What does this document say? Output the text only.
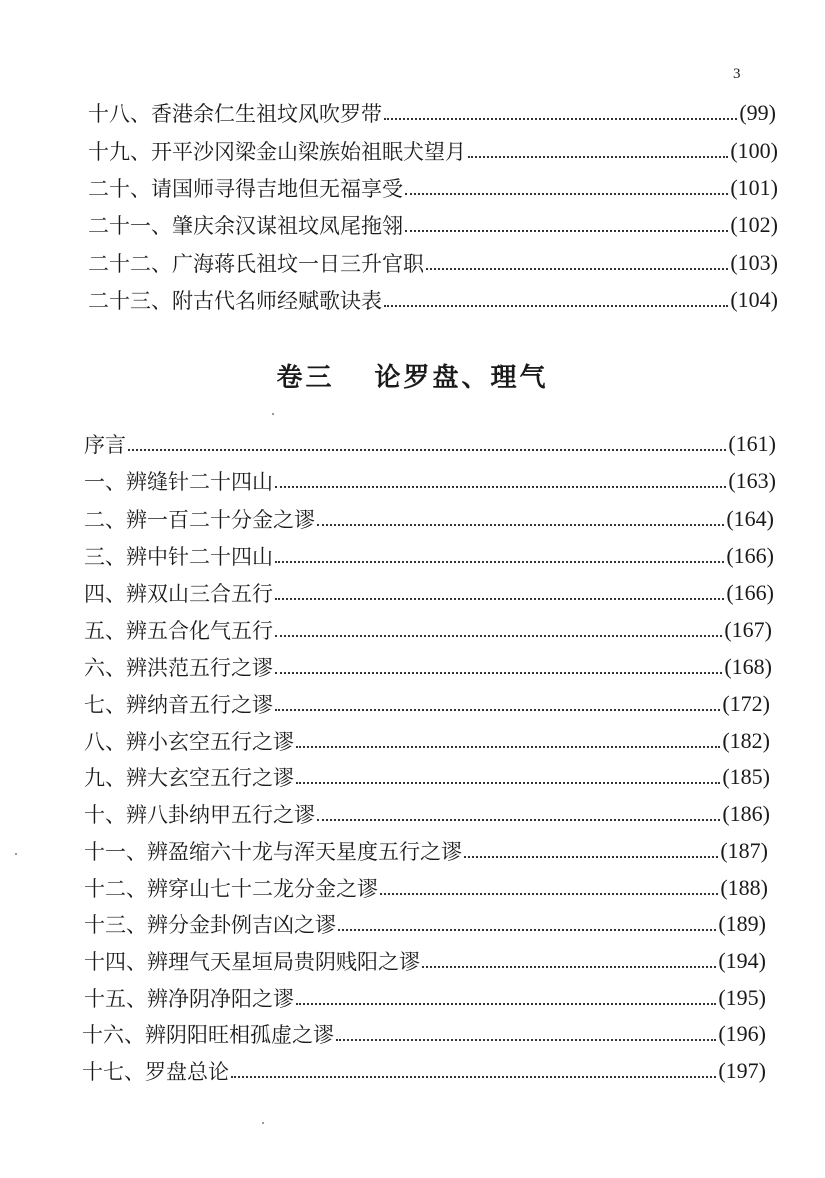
3
十八、香港余仁生祖坟风吹罗带	(99)
十九、开平沙冈梁金山梁族始祖眠犬望月	(100)
二十、请国师寻得吉地但无福享受	(101)
二十一、肇庆余汉谋祖坟凤尾拖翎	(102)
二十二、广海蒋氏祖坟一日三升官职	(103)
二十三、附古代名师经赋歌诀表	(104)
卷三 论罗盘、理气
序言	(161)
一、辨缝针二十四山	(163)
二、辨一百二十分金之谬	(164)
三、辨中针二十四山	(166)
四、辨双山三合五行	(166)
五、辨五合化气五行	(167)
六、辨洪范五行之谬	(168)
七、辨纳音五行之谬	(172)
八、辨小玄空五行之谬	(182)
九、辨大玄空五行之谬	(185)
十、辨八卦纳甲五行之谬	(186)
十一、辨盈缩六十龙与浑天星度五行之谬	(187)
十二、辨穿山七十二龙分金之谬	(188)
十三、辨分金卦例吉凶之谬	(189)
十四、辨理气天星垣局贵阴贱阳之谬	(194)
十五、辨净阴净阳之谬	(195)
十六、辨阴阳旺相孤虚之谬	(196)
十七、罗盘总论	(197)
